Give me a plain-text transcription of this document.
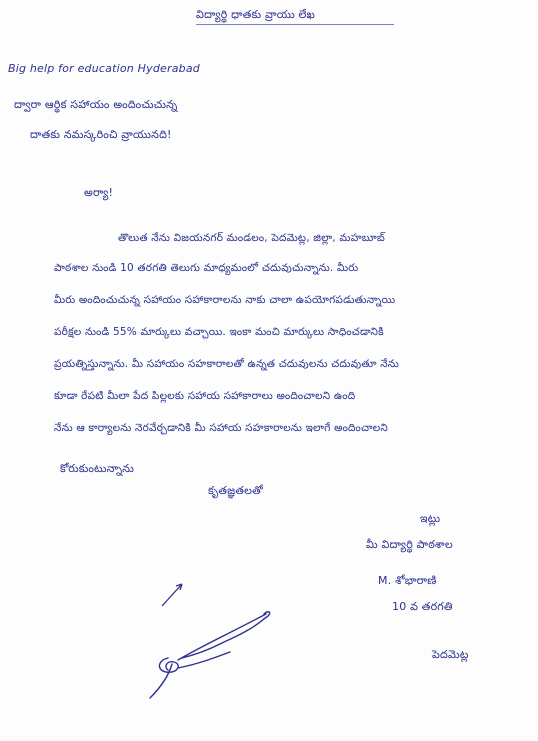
విద్యార్థి ధాతకు వ్రాయు లేఖ
Big help for education Hyderabad
ద్వారా ఆర్థిక సహాయం అందించుచున్న
దాతకు నమస్కరించి వ్రాయునది!
అర్యా!
తొలుత నేను విజయనగర్ మండలం, పెదమెట్ల, జిల్లా, మహబూబ్
పాఠశాల నుండి 10 తరగతి తెలుగు మాధ్యమంలో చదువుచున్నాను. మీరు
మీరు అందించుచున్న సహాయం సహాకారాలను నాకు చాలా ఉపయోగపడుతున్నాయి
పరీక్షల నుండి 55% మార్కులు వచ్చాయి. ఇంకా మంచి మార్కులు సాధించడానికి
ప్రయత్నిస్తున్నాను. మీ సహాయం సహకారాలతో ఉన్నత చదువులను చదువుతూ నేను
కూడా రేపటి మీలా పేద పిల్లలకు సహాయ సహాకారాలు అందించాలని ఉంది
నేను ఆ కార్యాలను నెరవేర్చడానికి మీ సహాయ సహకారాలను ఇలాగే అందించాలని
కోరుకుంటున్నాను
కృతజ్ఞతలతో
ఇట్లు
మీ విద్యార్థి పాఠశాల
M. శోభారాణి
10 వ తరగతి
పెదమెట్ల
